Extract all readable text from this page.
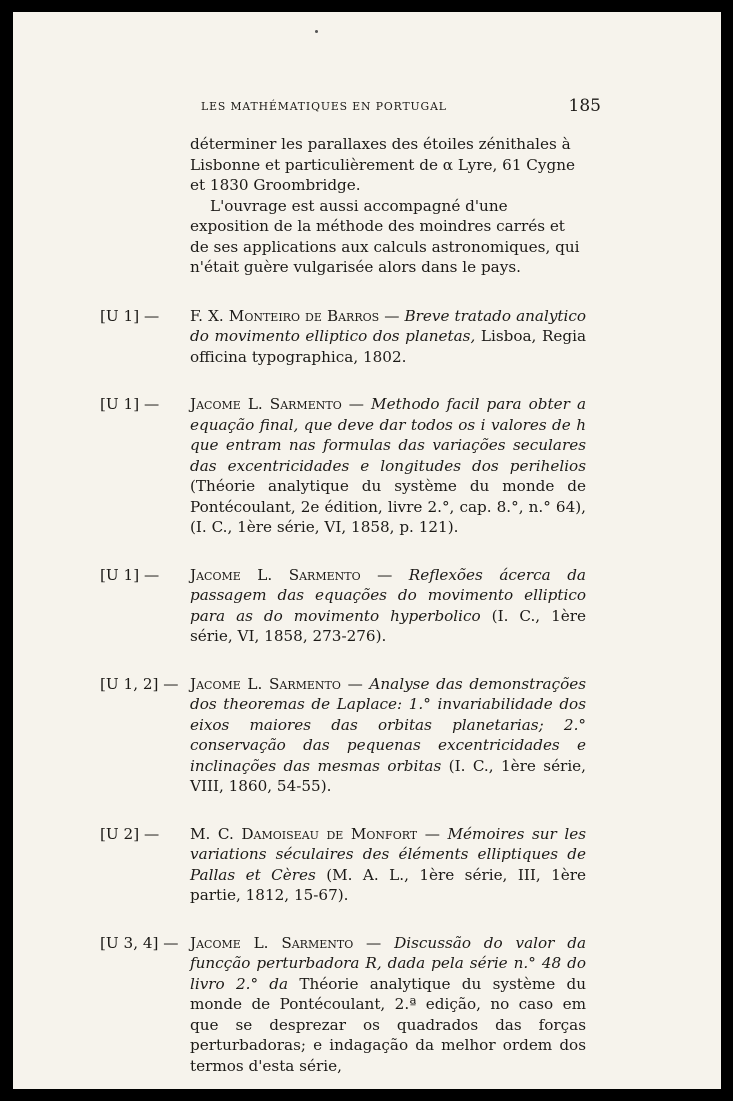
LES MATHÉMATIQUES EN PORTUGAL	185

déterminer les parallaxes des étoiles zénithales à Lisbonne et particulièrement de α Lyre, 61 Cygne et 1830 Groombridge.

L'ouvrage est aussi accompagné d'une exposition de la méthode des moindres carrés et de ses applications aux calculs astronomiques, qui n'était guère vulgarisée alors dans le pays.

[U 1] — F. X. Monteiro de Barros — Breve tratado analytico do movimento elliptico dos planetas, Lisboa, Regia officina typographica, 1802.
[U 1] — Jacome L. Sarmento — Methodo facil para obter a equação final, que deve dar todos os i valores de h que entram nas formulas das variações seculares das excentricidades e longitudes dos perihelios (Théorie analytique du système du monde de Pontécoulant, 2e édition, livre 2.°, cap. 8.°, n.° 64), (I. C., 1ère série, VI, 1858, p. 121).
[U 1] — Jacome L. Sarmento — Reflexões ácerca da passagem das equações do movimento elliptico para as do movimento hyperbolico (I. C., 1ère série, VI, 1858, 273-276).
[U 1, 2] — Jacome L. Sarmento — Analyse das demonstrações dos theoremas de Laplace: 1.° invariabilidade dos eixos maiores das orbitas planetarias; 2.° conservação das pequenas excentricidades e inclinações das mesmas orbitas (I. C., 1ère série, VIII, 1860, 54-55).
[U 2] — M. C. Damoiseau de Monfort — Mémoires sur les variations séculaires des éléments elliptiques de Pallas et Cères (M. A. L., 1ère série, III, 1ère partie, 1812, 15-67).
[U 3, 4] — Jacome L. Sarmento — Discussão do valor da funcção perturbadora R, dada pela série n.° 48 do livro 2.° da Théorie analytique du système du monde de Pontécoulant, 2.ª edição, no caso em que se desprezar os quadrados das forças perturbadoras; e indagação da melhor ordem dos termos d'esta série,
